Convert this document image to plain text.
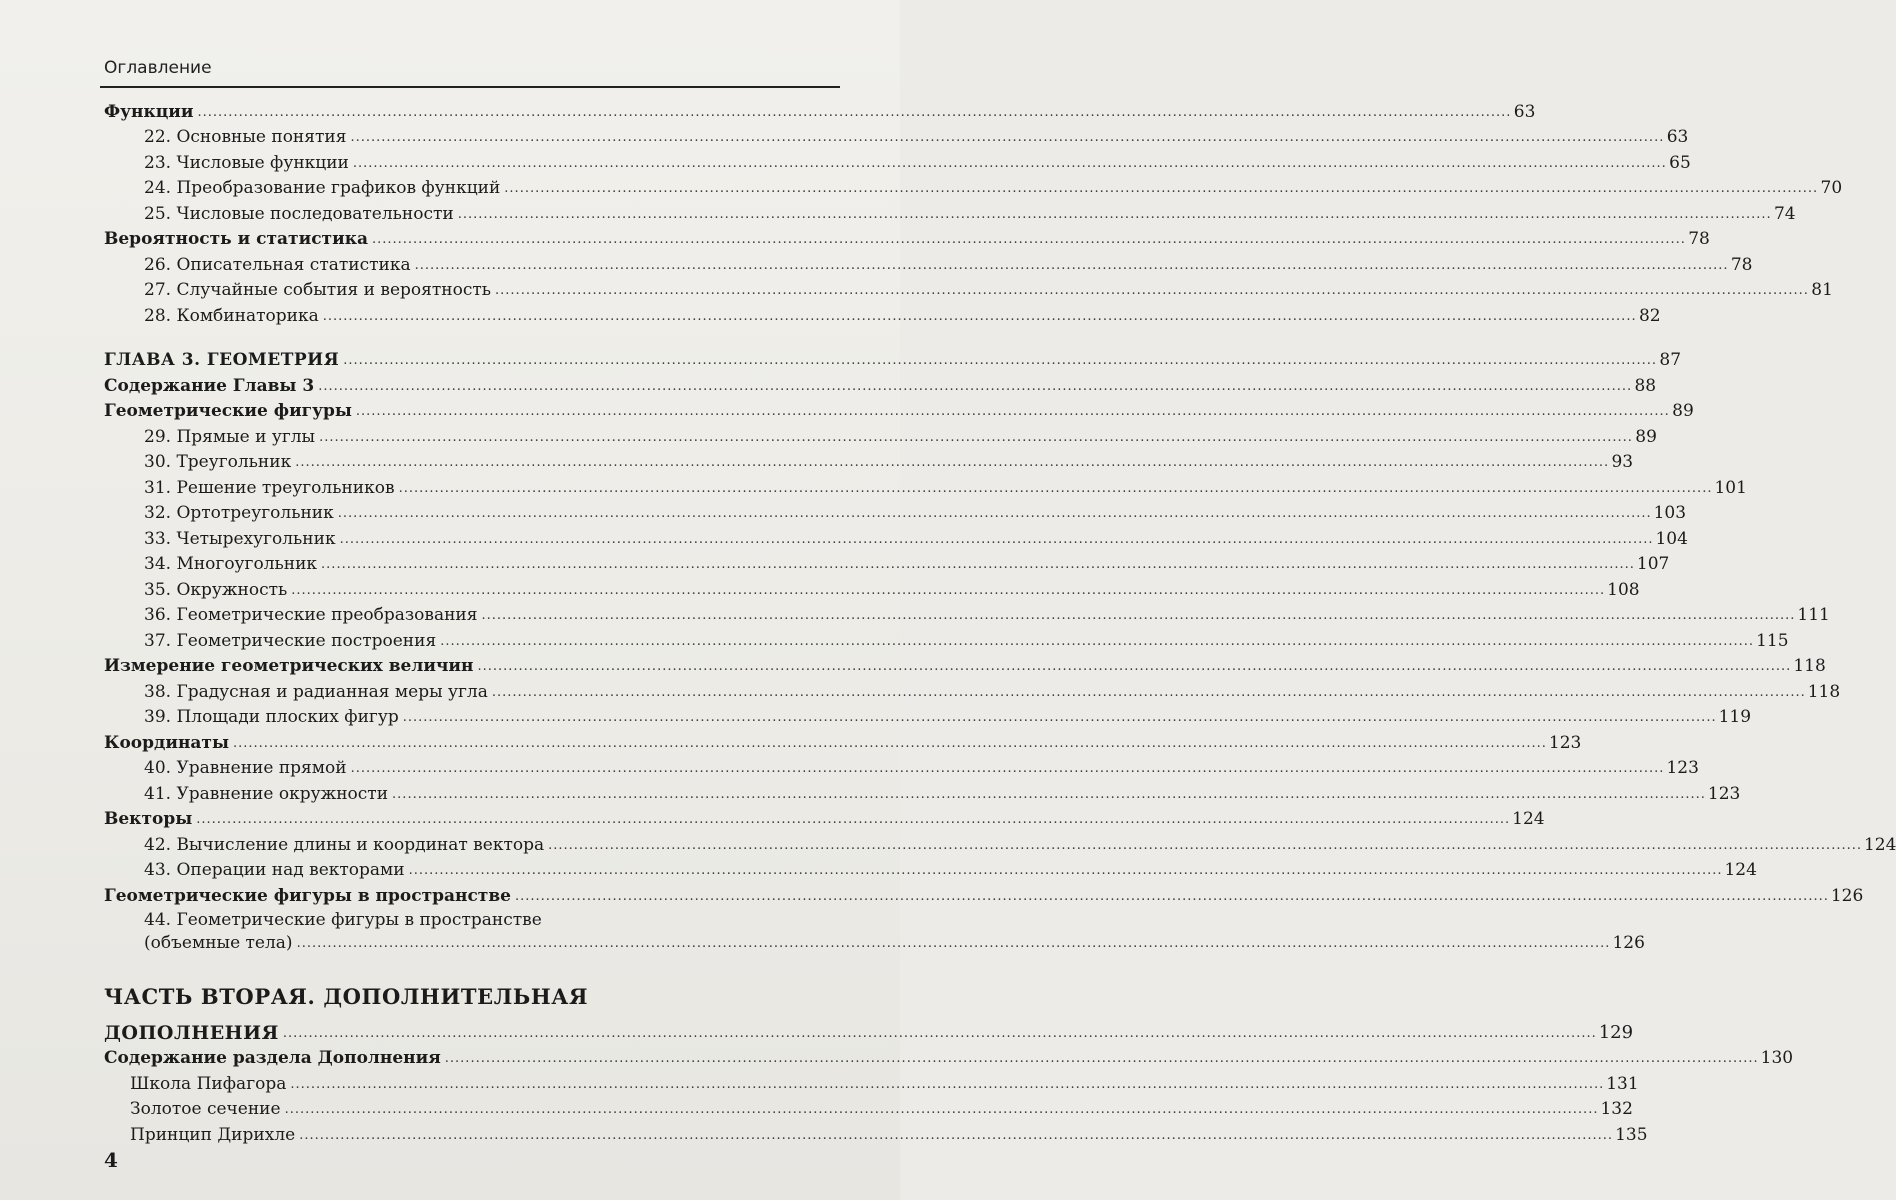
Оглавление
Функции ................................................................................................................................................................................................................................................................ 63
22. Основные понятия ................................................................................................................................................................................................................................................................ 63
23. Числовые функции ................................................................................................................................................................................................................................................................ 65
24. Преобразование графиков функций ................................................................................................................................................................................................................................................................ 70
25. Числовые последовательности ................................................................................................................................................................................................................................................................ 74
Вероятность и статистика ................................................................................................................................................................................................................................................................ 78
26. Описательная статистика ................................................................................................................................................................................................................................................................ 78
27. Случайные события и вероятность ................................................................................................................................................................................................................................................................ 81
28. Комбинаторика ................................................................................................................................................................................................................................................................ 82
ГЛАВА 3. ГЕОМЕТРИЯ ................................................................................................................................................................................................................................................................ 87
Содержание Главы 3 ................................................................................................................................................................................................................................................................ 88
Геометрические фигуры ................................................................................................................................................................................................................................................................ 89
29. Прямые и углы ................................................................................................................................................................................................................................................................ 89
30. Треугольник ................................................................................................................................................................................................................................................................ 93
31. Решение треугольников ................................................................................................................................................................................................................................................................ 101
32. Ортотреугольник ................................................................................................................................................................................................................................................................ 103
33. Четырехугольник ................................................................................................................................................................................................................................................................ 104
34. Многоугольник ................................................................................................................................................................................................................................................................ 107
35. Окружность ................................................................................................................................................................................................................................................................ 108
36. Геометрические преобразования ................................................................................................................................................................................................................................................................ 111
37. Геометрические построения ................................................................................................................................................................................................................................................................ 115
Измерение геометрических величин ................................................................................................................................................................................................................................................................ 118
38. Градусная и радианная меры угла ................................................................................................................................................................................................................................................................ 118
39. Площади плоских фигур ................................................................................................................................................................................................................................................................ 119
Координаты ................................................................................................................................................................................................................................................................ 123
40. Уравнение прямой ................................................................................................................................................................................................................................................................ 123
41. Уравнение окружности ................................................................................................................................................................................................................................................................ 123
Векторы ................................................................................................................................................................................................................................................................ 124
42. Вычисление длины и координат вектора ................................................................................................................................................................................................................................................................ 124
43. Операции над векторами ................................................................................................................................................................................................................................................................ 124
Геометрические фигуры в пространстве ................................................................................................................................................................................................................................................................ 126
44. Геометрические фигуры в пространстве
(объемные тела) ................................................................................................................................................................................................................................................................ 126
ЧАСТЬ ВТОРАЯ. ДОПОЛНИТЕЛЬНАЯ
ДОПОЛНЕНИЯ ................................................................................................................................................................................................................................................................ 129
Содержание раздела Дополнения ................................................................................................................................................................................................................................................................ 130
Школа Пифагора ................................................................................................................................................................................................................................................................ 131
Золотое сечение ................................................................................................................................................................................................................................................................ 132
Принцип Дирихле ................................................................................................................................................................................................................................................................ 135
4
